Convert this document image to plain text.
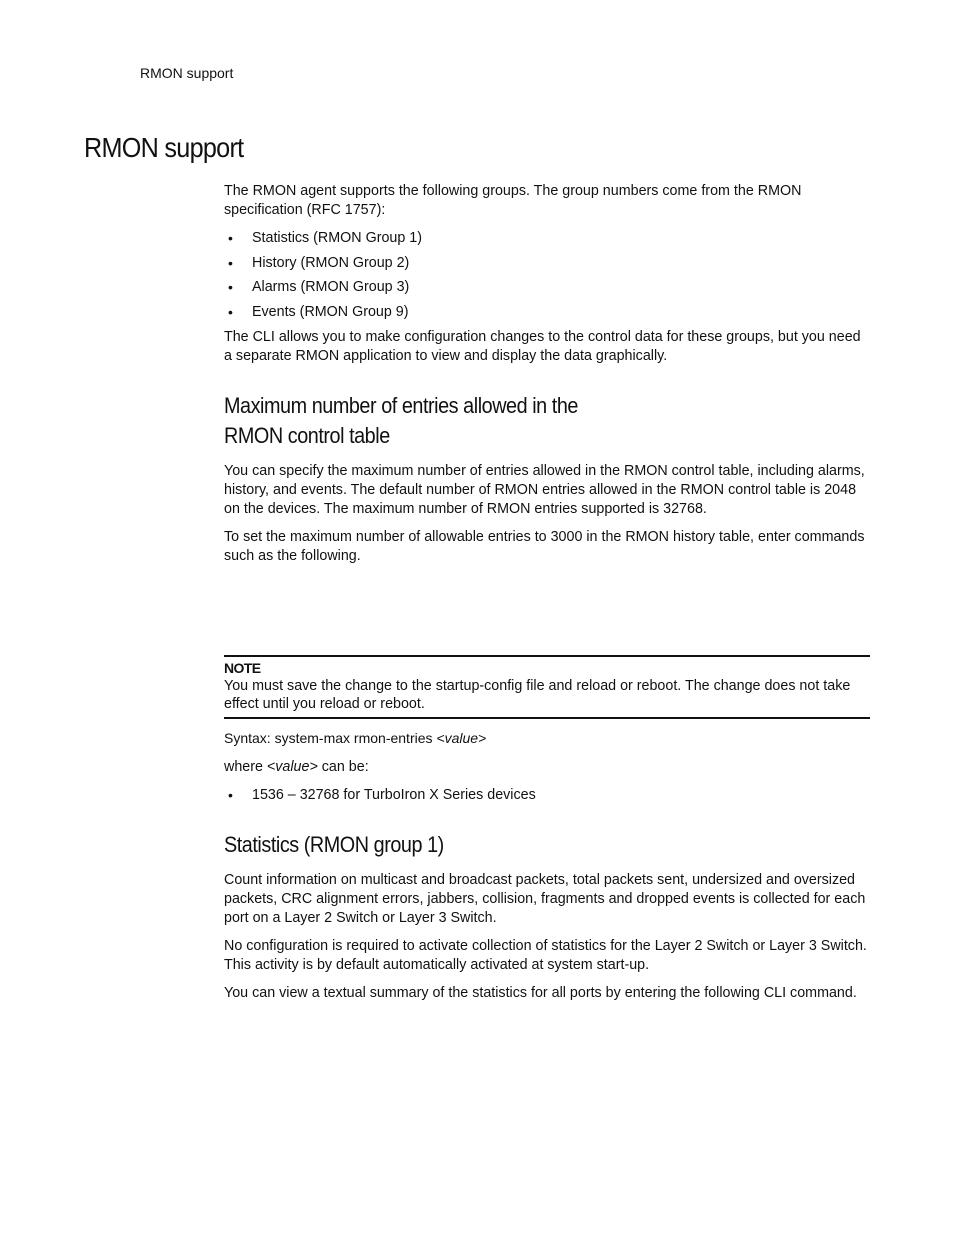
RMON support
RMON support

The RMON agent supports the following groups. The group numbers come from the RMON specification (RFC 1757):

• Statistics (RMON Group 1)
• History (RMON Group 2)
• Alarms (RMON Group 3)
• Events (RMON Group 9)

The CLI allows you to make configuration changes to the control data for these groups, but you need a separate RMON application to view and display the data graphically.

Maximum number of entries allowed in the
RMON control table

You can specify the maximum number of entries allowed in the RMON control table, including alarms, history, and events. The default number of RMON entries allowed in the RMON control table is 2048 on the devices. The maximum number of RMON entries supported is 32768.

To set the maximum number of allowable entries to 3000 in the RMON history table, enter commands such as the following.

NOTE

You must save the change to the startup-config file and reload or reboot. The change does not take effect until you reload or reboot.

Syntax: system-max rmon-entries <value>

where <value> can be:

• 1536 – 32768 for TurboIron X Series devices
Statistics (RMON group 1)

Count information on multicast and broadcast packets, total packets sent, undersized and oversized packets, CRC alignment errors, jabbers, collision, fragments and dropped events is collected for each port on a Layer 2 Switch or Layer 3 Switch.

No configuration is required to activate collection of statistics for the Layer 2 Switch or Layer 3 Switch. This activity is by default automatically activated at system start-up.

You can view a textual summary of the statistics for all ports by entering the following CLI command.
